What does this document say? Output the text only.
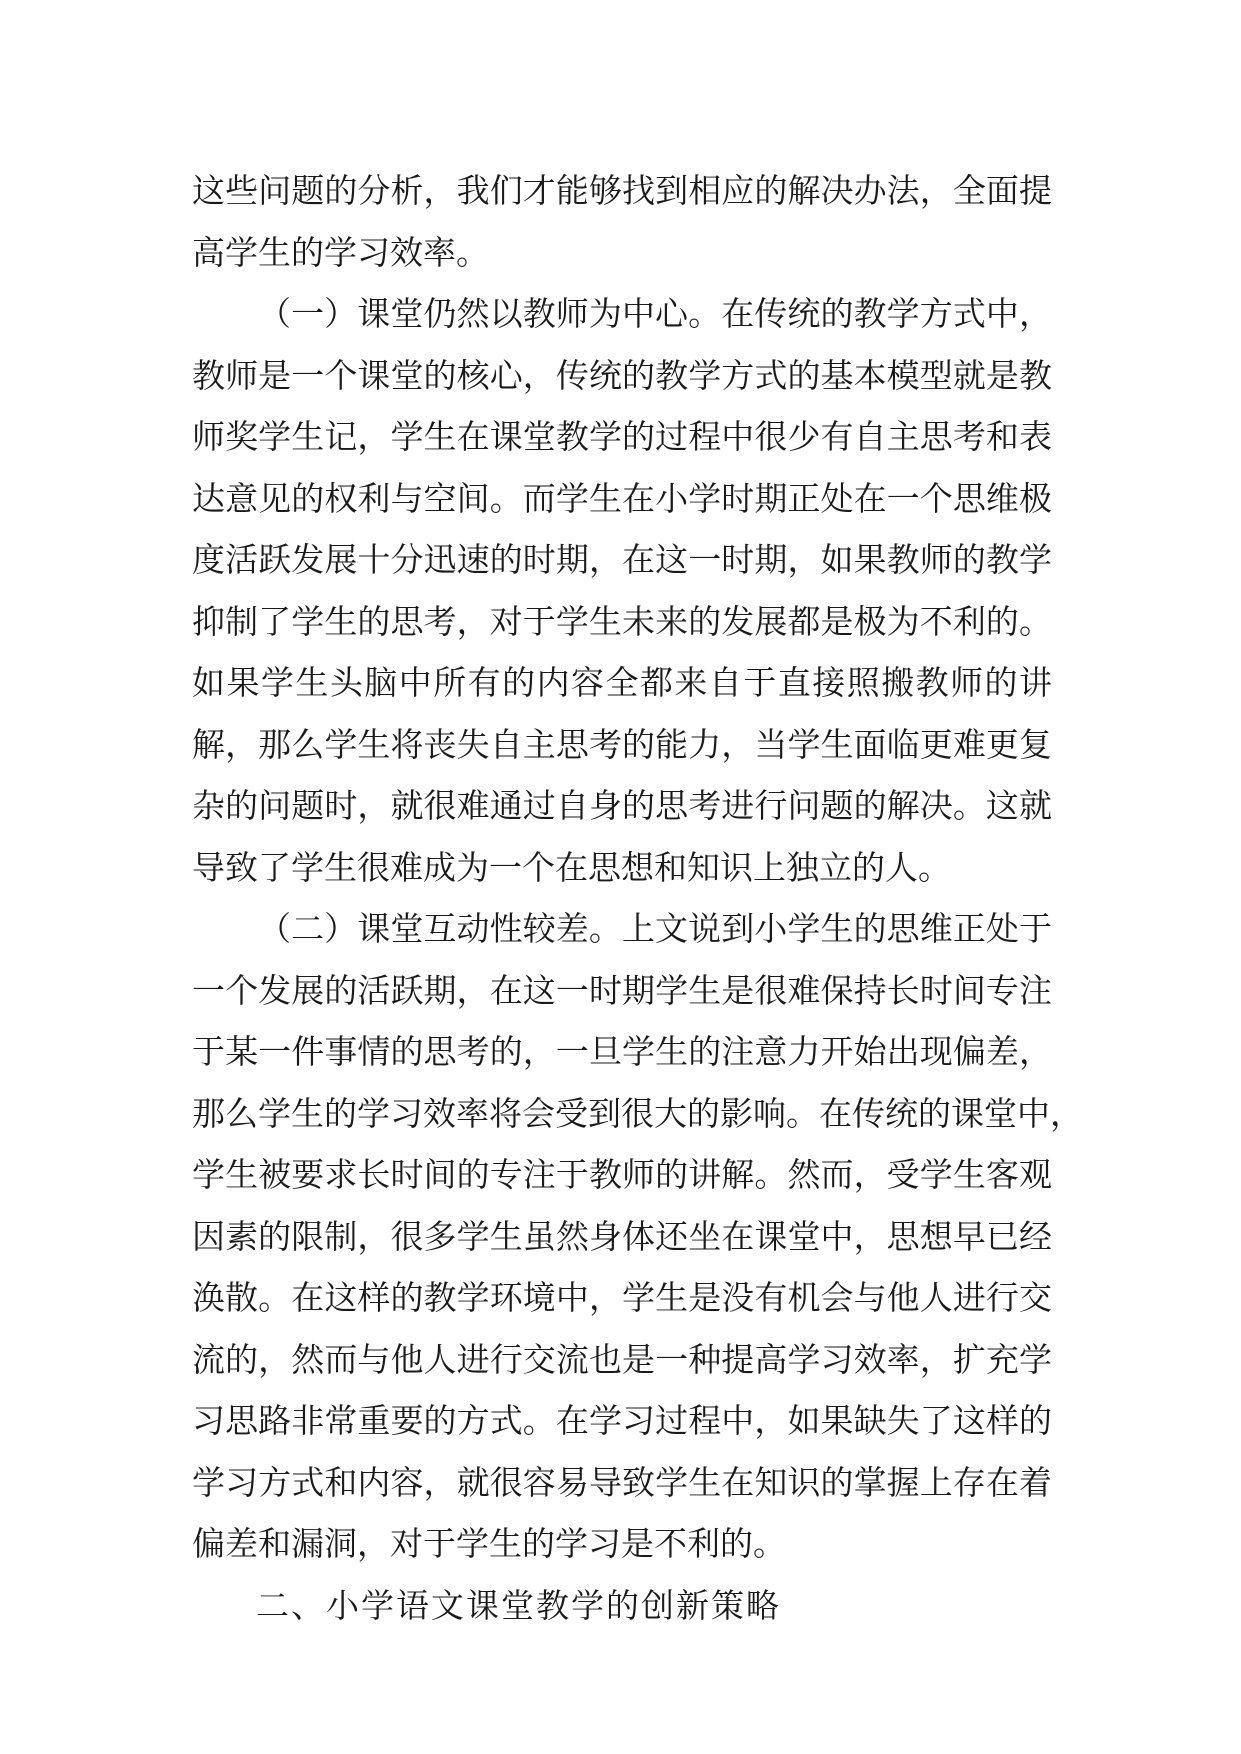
这些问题的分析，我们才能够找到相应的解决办法，全面提
高学生的学习效率。
（一）课堂仍然以教师为中心。在传统的教学方式中，
教师是一个课堂的核心，传统的教学方式的基本模型就是教
师奖学生记，学生在课堂教学的过程中很少有自主思考和表
达意见的权利与空间。而学生在小学时期正处在一个思维极
度活跃发展十分迅速的时期，在这一时期，如果教师的教学
抑制了学生的思考，对于学生未来的发展都是极为不利的。
如果学生头脑中所有的内容全都来自于直接照搬教师的讲
解，那么学生将丧失自主思考的能力，当学生面临更难更复
杂的问题时，就很难通过自身的思考进行问题的解决。这就
导致了学生很难成为一个在思想和知识上独立的人。
（二）课堂互动性较差。上文说到小学生的思维正处于
一个发展的活跃期，在这一时期学生是很难保持长时间专注
于某一件事情的思考的，一旦学生的注意力开始出现偏差，
那么学生的学习效率将会受到很大的影响。在传统的课堂中，
学生被要求长时间的专注于教师的讲解。然而，受学生客观
因素的限制，很多学生虽然身体还坐在课堂中，思想早已经
涣散。在这样的教学环境中，学生是没有机会与他人进行交
流的，然而与他人进行交流也是一种提高学习效率，扩充学
习思路非常重要的方式。在学习过程中，如果缺失了这样的
学习方式和内容，就很容易导致学生在知识的掌握上存在着
偏差和漏洞，对于学生的学习是不利的。
二、小学语文课堂教学的创新策略
